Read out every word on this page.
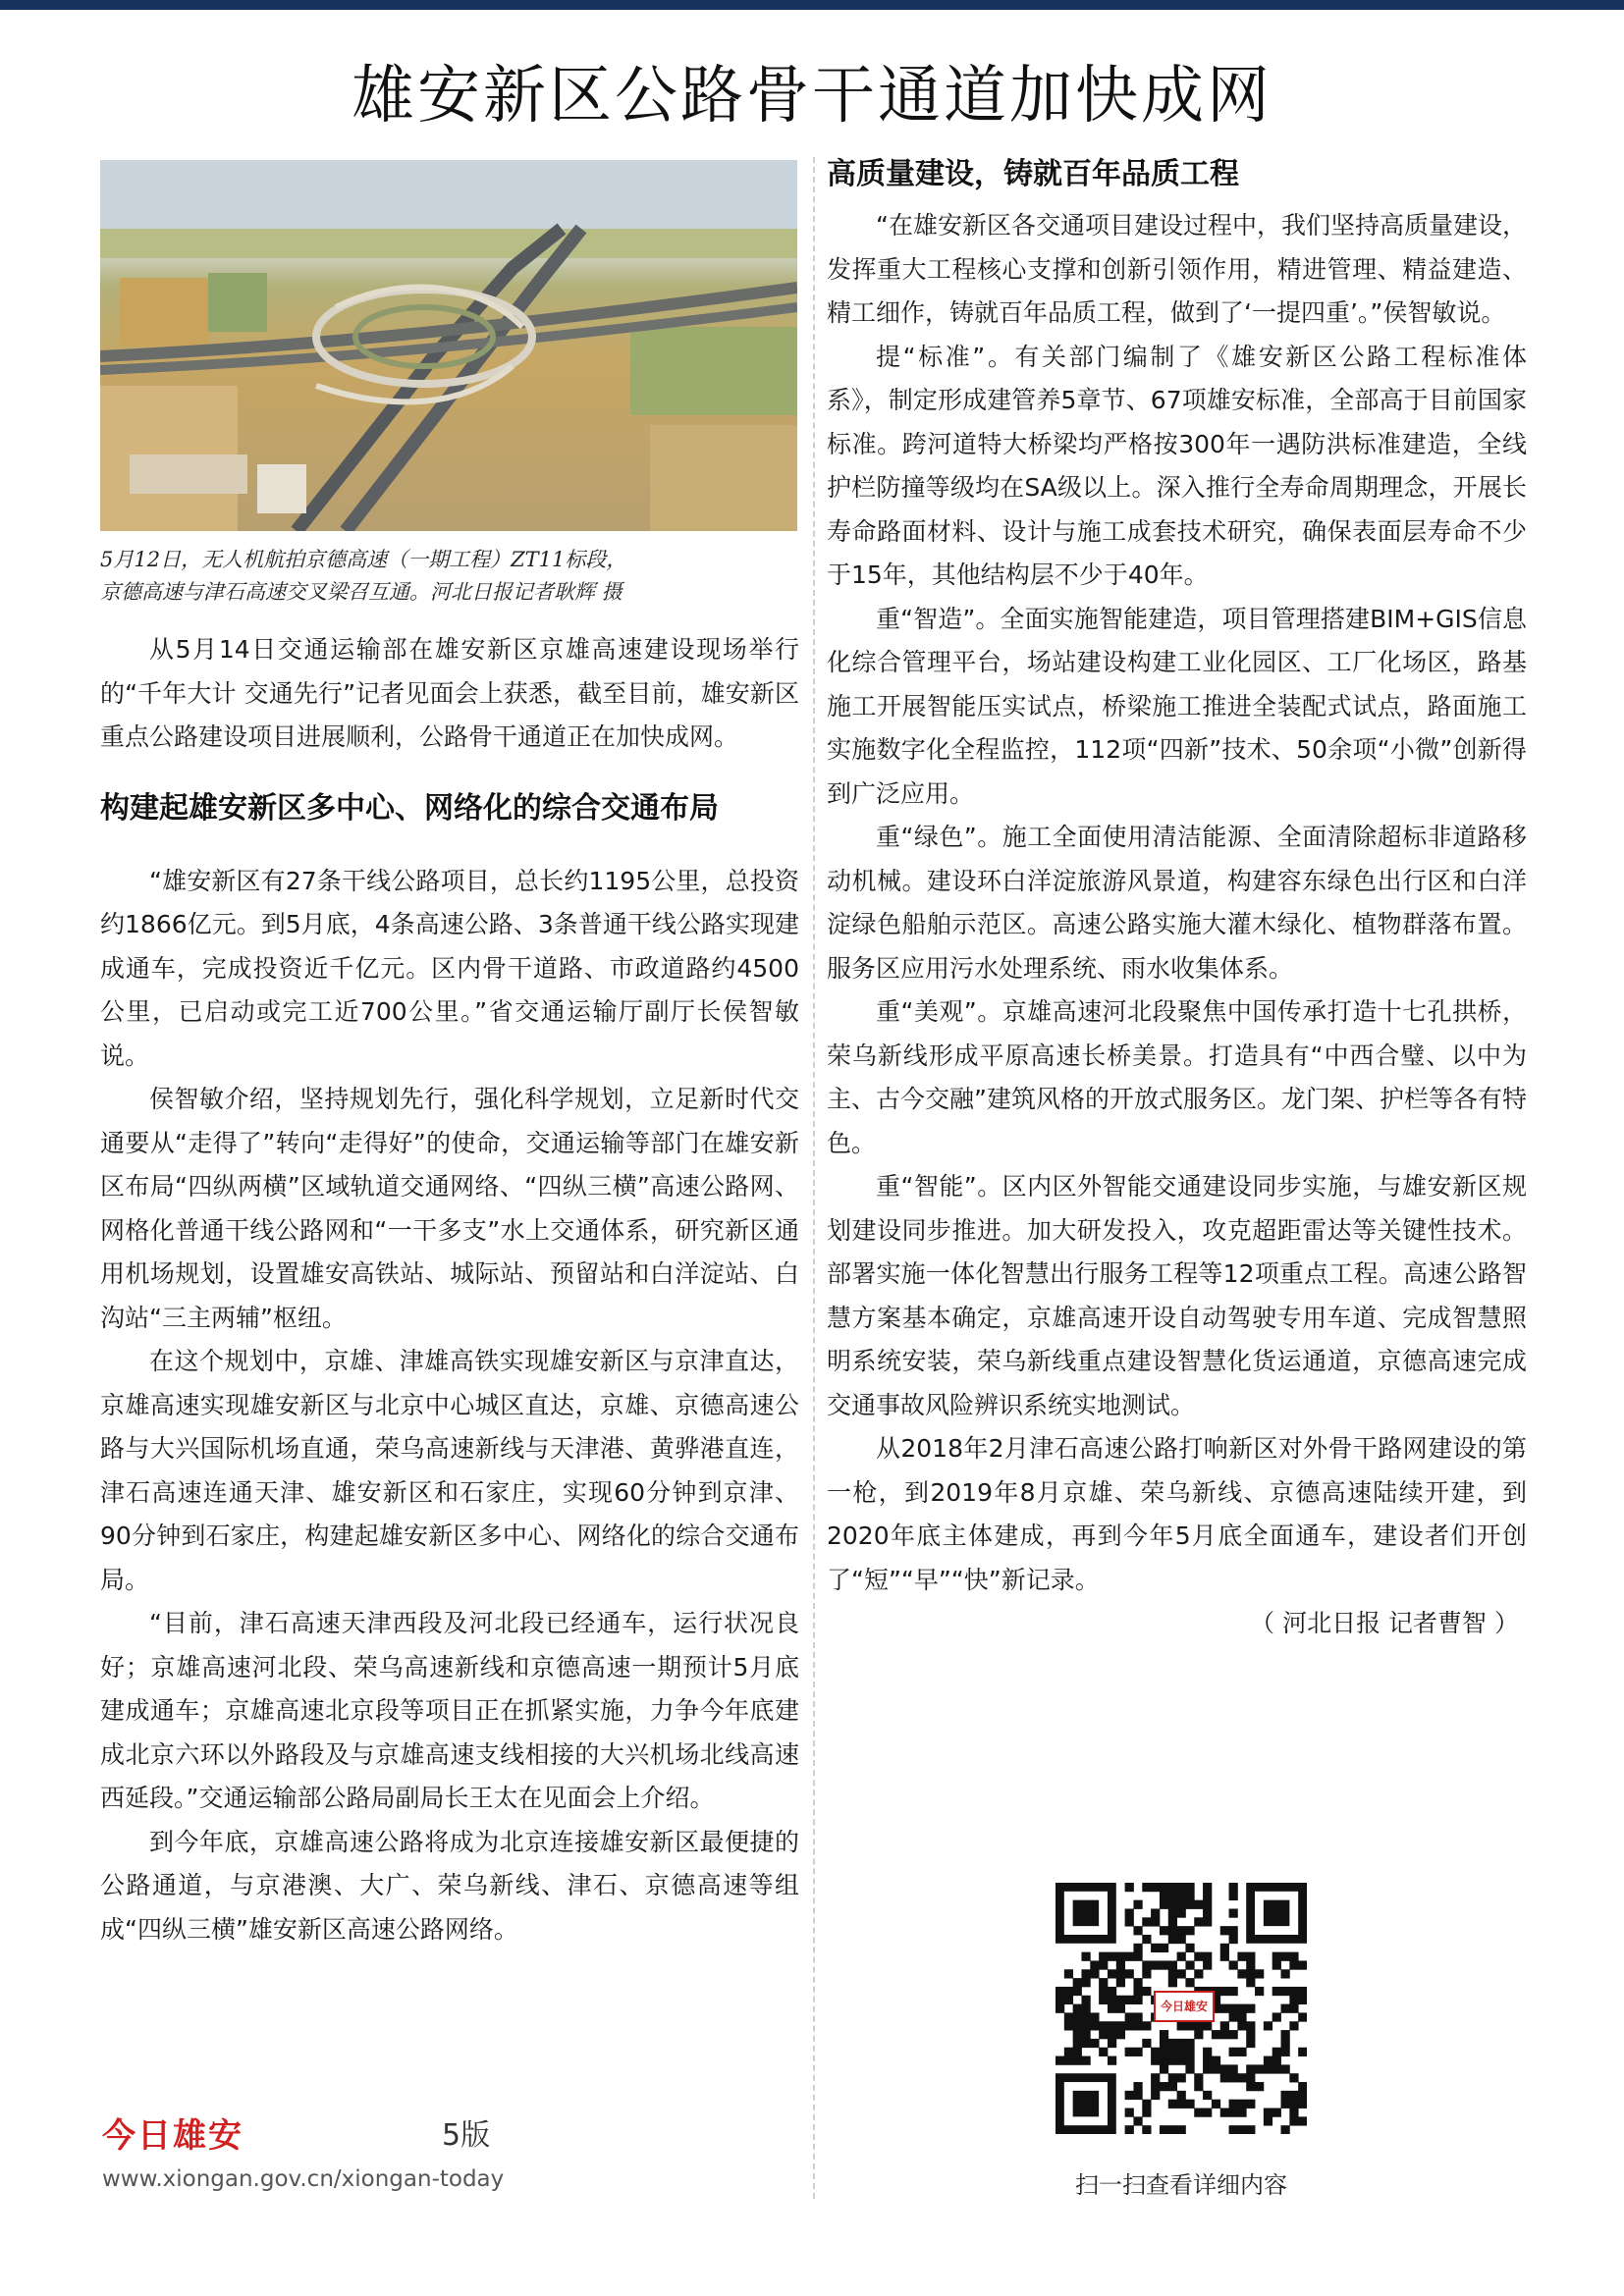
雄安新区公路骨干通道加快成网

5月12日，无人机航拍京德高速（一期工程）ZT11标段，

京德高速与津石高速交叉梁召互通。河北日报记者耿辉 摄

从5月14日交通运输部在雄安新区京雄高速建设现场举行的“千年大计 交通先行”记者见面会上获悉，截至目前，雄安新区重点公路建设项目进展顺利，公路骨干通道正在加快成网。

构建起雄安新区多中心、网络化的综合交通布局

“雄安新区有27条干线公路项目，总长约1195公里，总投资约1866亿元。到5月底，4条高速公路、3条普通干线公路实现建成通车，完成投资近千亿元。区内骨干道路、市政道路约4500公里，已启动或完工近700公里。”省交通运输厅副厅长侯智敏说。

侯智敏介绍，坚持规划先行，强化科学规划，立足新时代交通要从“走得了”转向“走得好”的使命，交通运输等部门在雄安新区布局“四纵两横”区域轨道交通网络、“四纵三横”高速公路网、网格化普通干线公路网和“一干多支”水上交通体系，研究新区通用机场规划，设置雄安高铁站、城际站、预留站和白洋淀站、白沟站“三主两辅”枢纽。

在这个规划中，京雄、津雄高铁实现雄安新区与京津直达，京雄高速实现雄安新区与北京中心城区直达，京雄、京德高速公路与大兴国际机场直通，荣乌高速新线与天津港、黄骅港直连，津石高速连通天津、雄安新区和石家庄，实现60分钟到京津、90分钟到石家庄，构建起雄安新区多中心、网络化的综合交通布局。

“目前，津石高速天津西段及河北段已经通车，运行状况良好；京雄高速河北段、荣乌高速新线和京德高速一期预计5月底建成通车；京雄高速北京段等项目正在抓紧实施，力争今年底建成北京六环以外路段及与京雄高速支线相接的大兴机场北线高速西延段。”交通运输部公路局副局长王太在见面会上介绍。

到今年底，京雄高速公路将成为北京连接雄安新区最便捷的公路通道，与京港澳、大广、荣乌新线、津石、京德高速等组成“四纵三横”雄安新区高速公路网络。

高质量建设，铸就百年品质工程

“在雄安新区各交通项目建设过程中，我们坚持高质量建设，发挥重大工程核心支撑和创新引领作用，精进管理、精益建造、精工细作，铸就百年品质工程，做到了‘一提四重’。”侯智敏说。

提“标准”。有关部门编制了《雄安新区公路工程标准体系》，制定形成建管养5章节、67项雄安标准，全部高于目前国家标准。跨河道特大桥梁均严格按300年一遇防洪标准建造，全线护栏防撞等级均在SA级以上。深入推行全寿命周期理念，开展长寿命路面材料、设计与施工成套技术研究，确保表面层寿命不少于15年，其他结构层不少于40年。

重“智造”。全面实施智能建造，项目管理搭建BIM+GIS信息化综合管理平台，场站建设构建工业化园区、工厂化场区，路基施工开展智能压实试点，桥梁施工推进全装配式试点，路面施工实施数字化全程监控，112项“四新”技术、50余项“小微”创新得到广泛应用。

重“绿色”。施工全面使用清洁能源、全面清除超标非道路移动机械。建设环白洋淀旅游风景道，构建容东绿色出行区和白洋淀绿色船舶示范区。高速公路实施大灌木绿化、植物群落布置。服务区应用污水处理系统、雨水收集体系。

重“美观”。京雄高速河北段聚焦中国传承打造十七孔拱桥，荣乌新线形成平原高速长桥美景。打造具有“中西合璧、以中为主、古今交融”建筑风格的开放式服务区。龙门架、护栏等各有特色。

重“智能”。区内区外智能交通建设同步实施，与雄安新区规划建设同步推进。加大研发投入，攻克超距雷达等关键性技术。部署实施一体化智慧出行服务工程等12项重点工程。高速公路智慧方案基本确定，京雄高速开设自动驾驶专用车道、完成智慧照明系统安装，荣乌新线重点建设智慧化货运通道，京德高速完成交通事故风险辨识系统实地测试。

从2018年2月津石高速公路打响新区对外骨干路网建设的第一枪，到2019年8月京雄、荣乌新线、京德高速陆续开建，到2020年底主体建成，再到今年5月底全面通车，建设者们开创了“短”“早”“快”新记录。

（ 河北日报 记者曹智 ）

今日雄安	5版
www.xiongan.gov.cn/xiongan-today
今日雄安
扫一扫查看详细内容
